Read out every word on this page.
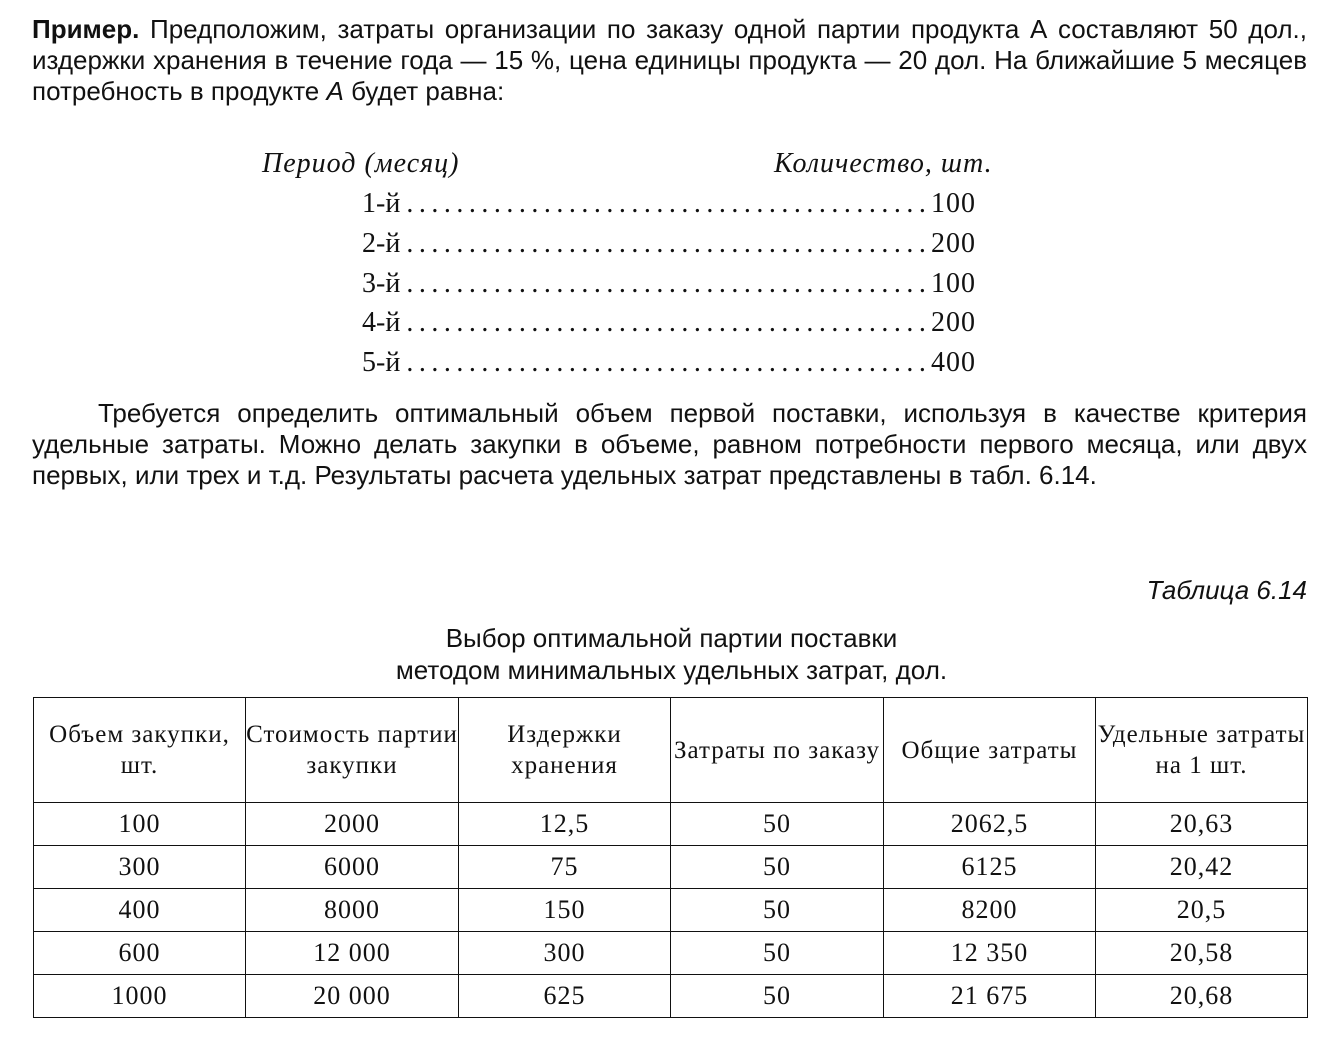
Пример. Предположим, затраты организации по заказу одной партии продукта А составляют 50 дол., издержки хранения в течение года — 15 %, цена единицы продукта — 20 дол. На ближайшие 5 месяцев потребность в продукте А будет равна:

Период (месяц)	Количество, шт.
1-й .....	100
2-й .....	200
3-й .....	100
4-й .....	200
5-й .....	400

Требуется определить оптимальный объем первой поставки, используя в качестве критерия удельные затраты. Можно делать закупки в объеме, равном потребности первого месяца, или двух первых, или трех и т.д. Результаты расчета удельных затрат представлены в табл. 6.14.

Таблица 6.14
Выбор оптимальной партии поставки
методом минимальных удельных затрат, дол.
Объем закупки, шт.	Стоимость партии закупки	Издержки хранения	Затраты по заказу	Общие затраты	Удельные затраты на 1 шт.
100	2000	12,5	50	2062,5	20,63
300	6000	75	50	6125	20,42
400	8000	150	50	8200	20,5
600	12 000	300	50	12 350	20,58
1000	20 000	625	50	21 675	20,68
